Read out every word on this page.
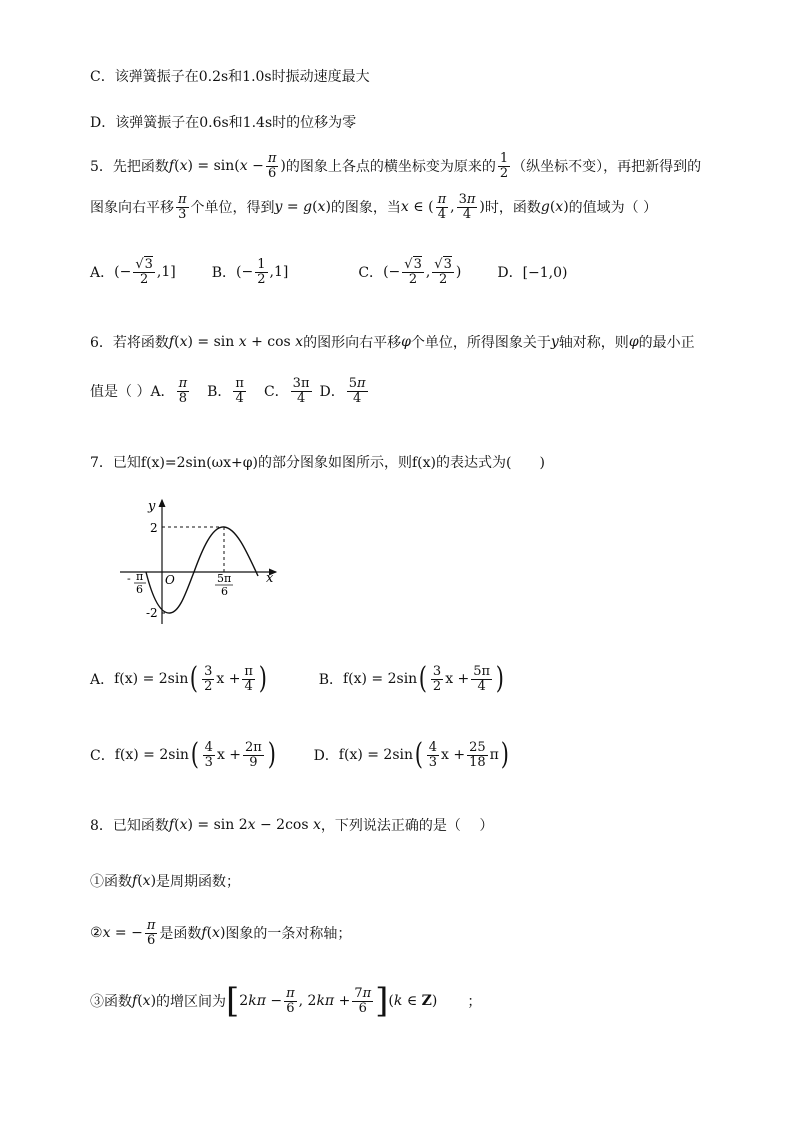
C．该弹簧振子在0.2s和1.0s时振动速度最大
D．该弹簧振子在0.6s和1.4s时的位移为零
5．先把函数 $f(x) = \sin(x - \frac{\pi}{6}$ ) 的图象上各点的横坐标变为原来的 $\frac{1}{2}$ （纵坐标不变），再把新得到的
图象向右平移 $\frac{\pi}{3}$ 个单位，得到 y = g(x) 的图象，当 x ∈ ( $\frac{\pi}{4}$ , $\frac{3\pi}{4}$ ) 时，函数 g(x) 的值域为（ ）
A． (− $\frac{√3}{2} ,1$]	B． (− $\frac{1}{2} ,1$]	C． (− $\frac{√3}{2}$ , $\frac{√3}{2}$ )	D．[−1,0)
6．若将函数 f(x) = sin x + cos x 的图形向右平移 φ 个单位，所得图象关于 y 轴对称，则 φ 的最小正
值是（ ）A． $\frac{\pi}{8}$ B． $\frac{\pi}{4}$ C． $\frac{3\pi}{4}$ D． $\frac{5\pi}{4}$
7．已知f(x)=2sin(ωx+φ)的部分图象如图所示，则f(x)的表达式为(　　)
y
x
O
2
-2
- π
6
5π
6
A． f(x) = 2sin ( $\frac{3}{2}$ $x + \frac{\pi}{4}$ )	B． f(x) = 2sin ( $\frac{3}{2}$ $x + \frac{5\pi}{4}$ )
C． f(x) = 2sin ( $\frac{4}{3}$ $x + \frac{2\pi}{9}$ )	D． f(x) = 2sin ( $\frac{4}{3}$ $x + \frac{25}{18}$ π )
8．已知函数 f(x) = sin 2x − 2cos x ，下列说法正确的是（　 ）
①函数 f(x) 是周期函数；
② x = − $\frac{\pi}{6}$ 是函数 f(x) 图象的一条对称轴；
③函数 f(x) 的增区间为 [ $2k\pi - \frac{\pi}{6}$ , $2k\pi + \frac{7\pi}{6}$ ] (k ∈ Z) ；
